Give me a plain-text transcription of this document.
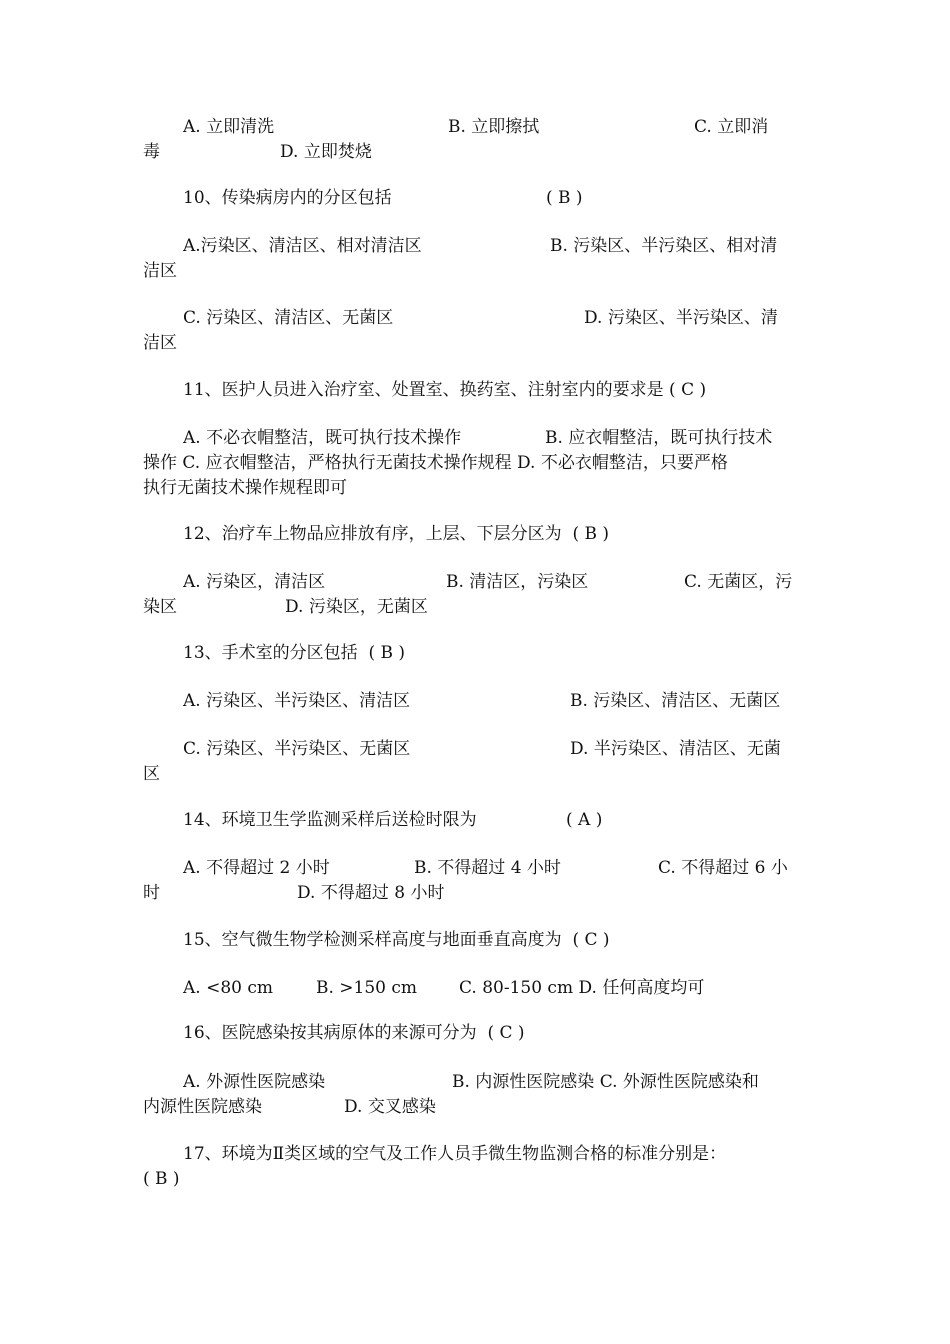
A. 立即清洗	B. 立即擦拭	C. 立即消
毒	D. 立即焚烧
10、传染病房内的分区包括	( B )
A.污染区、清洁区、相对清洁区	B. 污染区、半污染区、相对清
洁区
C. 污染区、清洁区、无菌区	D. 污染区、半污染区、清
洁区
11、医护人员进入治疗室、处置室、换药室、注射室内的要求是 ( C )
A. 不必衣帽整洁，既可执行技术操作	B. 应衣帽整洁，既可执行技术
操作 C. 应衣帽整洁，严格执行无菌技术操作规程 D. 不必衣帽整洁，只要严格
执行无菌技术操作规程即可
12、治疗车上物品应排放有序，上层、下层分区为  ( B )
A. 污染区，清洁区	B. 清洁区，污染区	C. 无菌区，污
染区	D. 污染区，无菌区
13、手术室的分区包括  ( B )
A. 污染区、半污染区、清洁区	B. 污染区、清洁区、无菌区
C. 污染区、半污染区、无菌区	D. 半污染区、清洁区、无菌
区
14、环境卫生学监测采样后送检时限为	( A )
A. 不得超过 2 小时	B. 不得超过 4 小时	C. 不得超过 6 小
时	D. 不得超过 8 小时
15、空气微生物学检测采样高度与地面垂直高度为  ( C )
A. <80 cm	B. >150 cm C. 80-150 cm D. 任何高度均可
16、医院感染按其病原体的来源可分为  ( C )
A. 外源性医院感染	B. 内源性医院感染 C. 外源性医院感染和
内源性医院感染	D. 交叉感染
17、环境为Ⅱ类区域的空气及工作人员手微生物监测合格的标准分别是：
( B )
